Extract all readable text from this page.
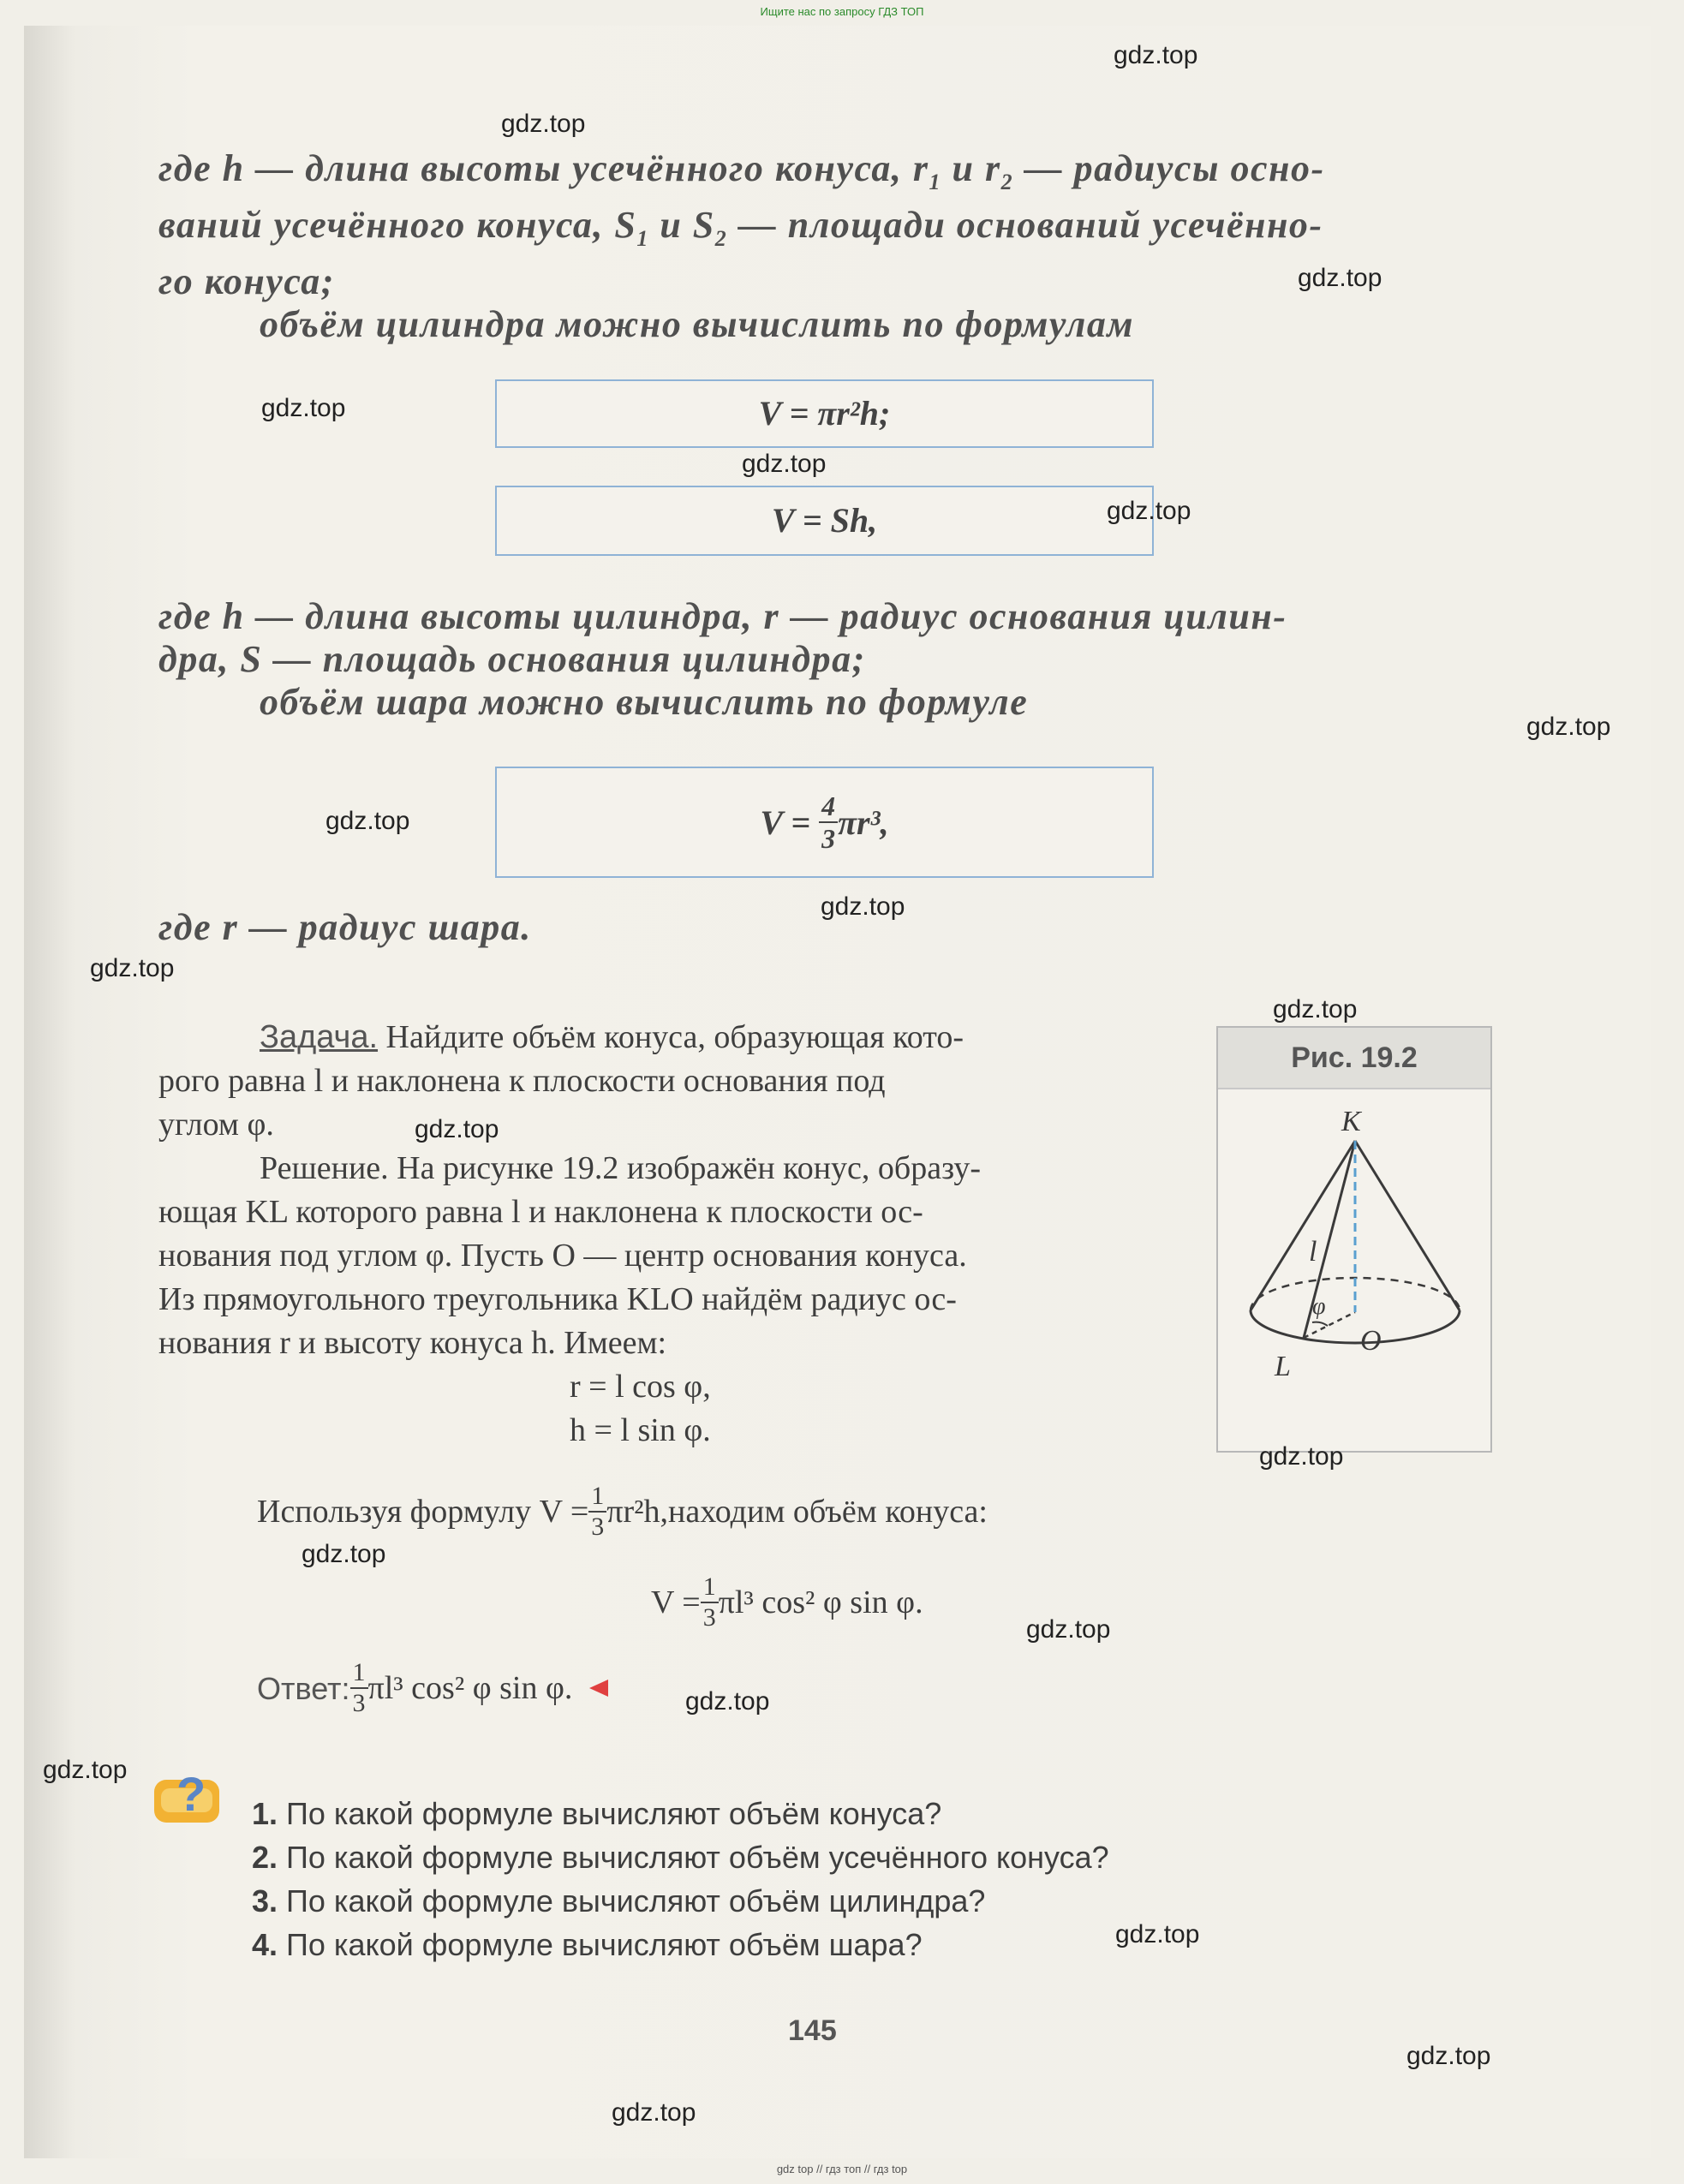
Ищите нас по запросу ГДЗ ТОП
где h — длина высоты усечённого конуса, $r_1$ и $r_2$ — радиусы осно-
ваний усечённого конуса, $S_1$ и $S_2$ — площади оснований усечённо-
го конуса;
объём цилиндра можно вычислить по формулам
V = πr²h;
V = Sh,
где h — длина высоты цилиндра, r — радиус основания цилин-
дра, S — площадь основания цилиндра;
объём шара можно вычислить по формуле
V =
$\frac{4}{3} \pi r^3$,
где r — радиус шара.
Задача. Найдите объём конуса, образующая кото-
рого равна l и наклонена к плоскости основания под
углом φ.
Решение. На рисунке 19.2 изображён конус, образу-
ющая KL которого равна l и наклонена к плоскости ос-
нования под углом φ. Пусть O — центр основания конуса.
Из прямоугольного треугольника KLO найдём радиус ос-
нования r и высоту конуса h. Имеем:
r = l cos φ,
h = l sin φ.
Используя формулу $V = \frac{1}{3} \pi r^2h$, находим объём конуса:
$V = \frac{1}{3} \pi l^3$ cos² φ sin φ.
Ответ: $\frac{1}{3} \pi l^3$ cos² φ sin φ.
Рис. 19.2
K
L
O
l
φ
? 1. По какой формуле вычисляют объём конуса?
2. По какой формуле вычисляют объём усечённого конуса?
3. По какой формуле вычисляют объём цилиндра?
4. По какой формуле вычисляют объём шара?
145
gdz.top
gdz.top
gdz.top
gdz.top
gdz.top
gdz.top
gdz.top
gdz.top
gdz.top
gdz.top
gdz.top
gdz.top
gdz.top
gdz.top
gdz.top
gdz.top
gdz.top
gdz.top
gdz.top
gdz.top
gdz top // гдз топ // гдз top
